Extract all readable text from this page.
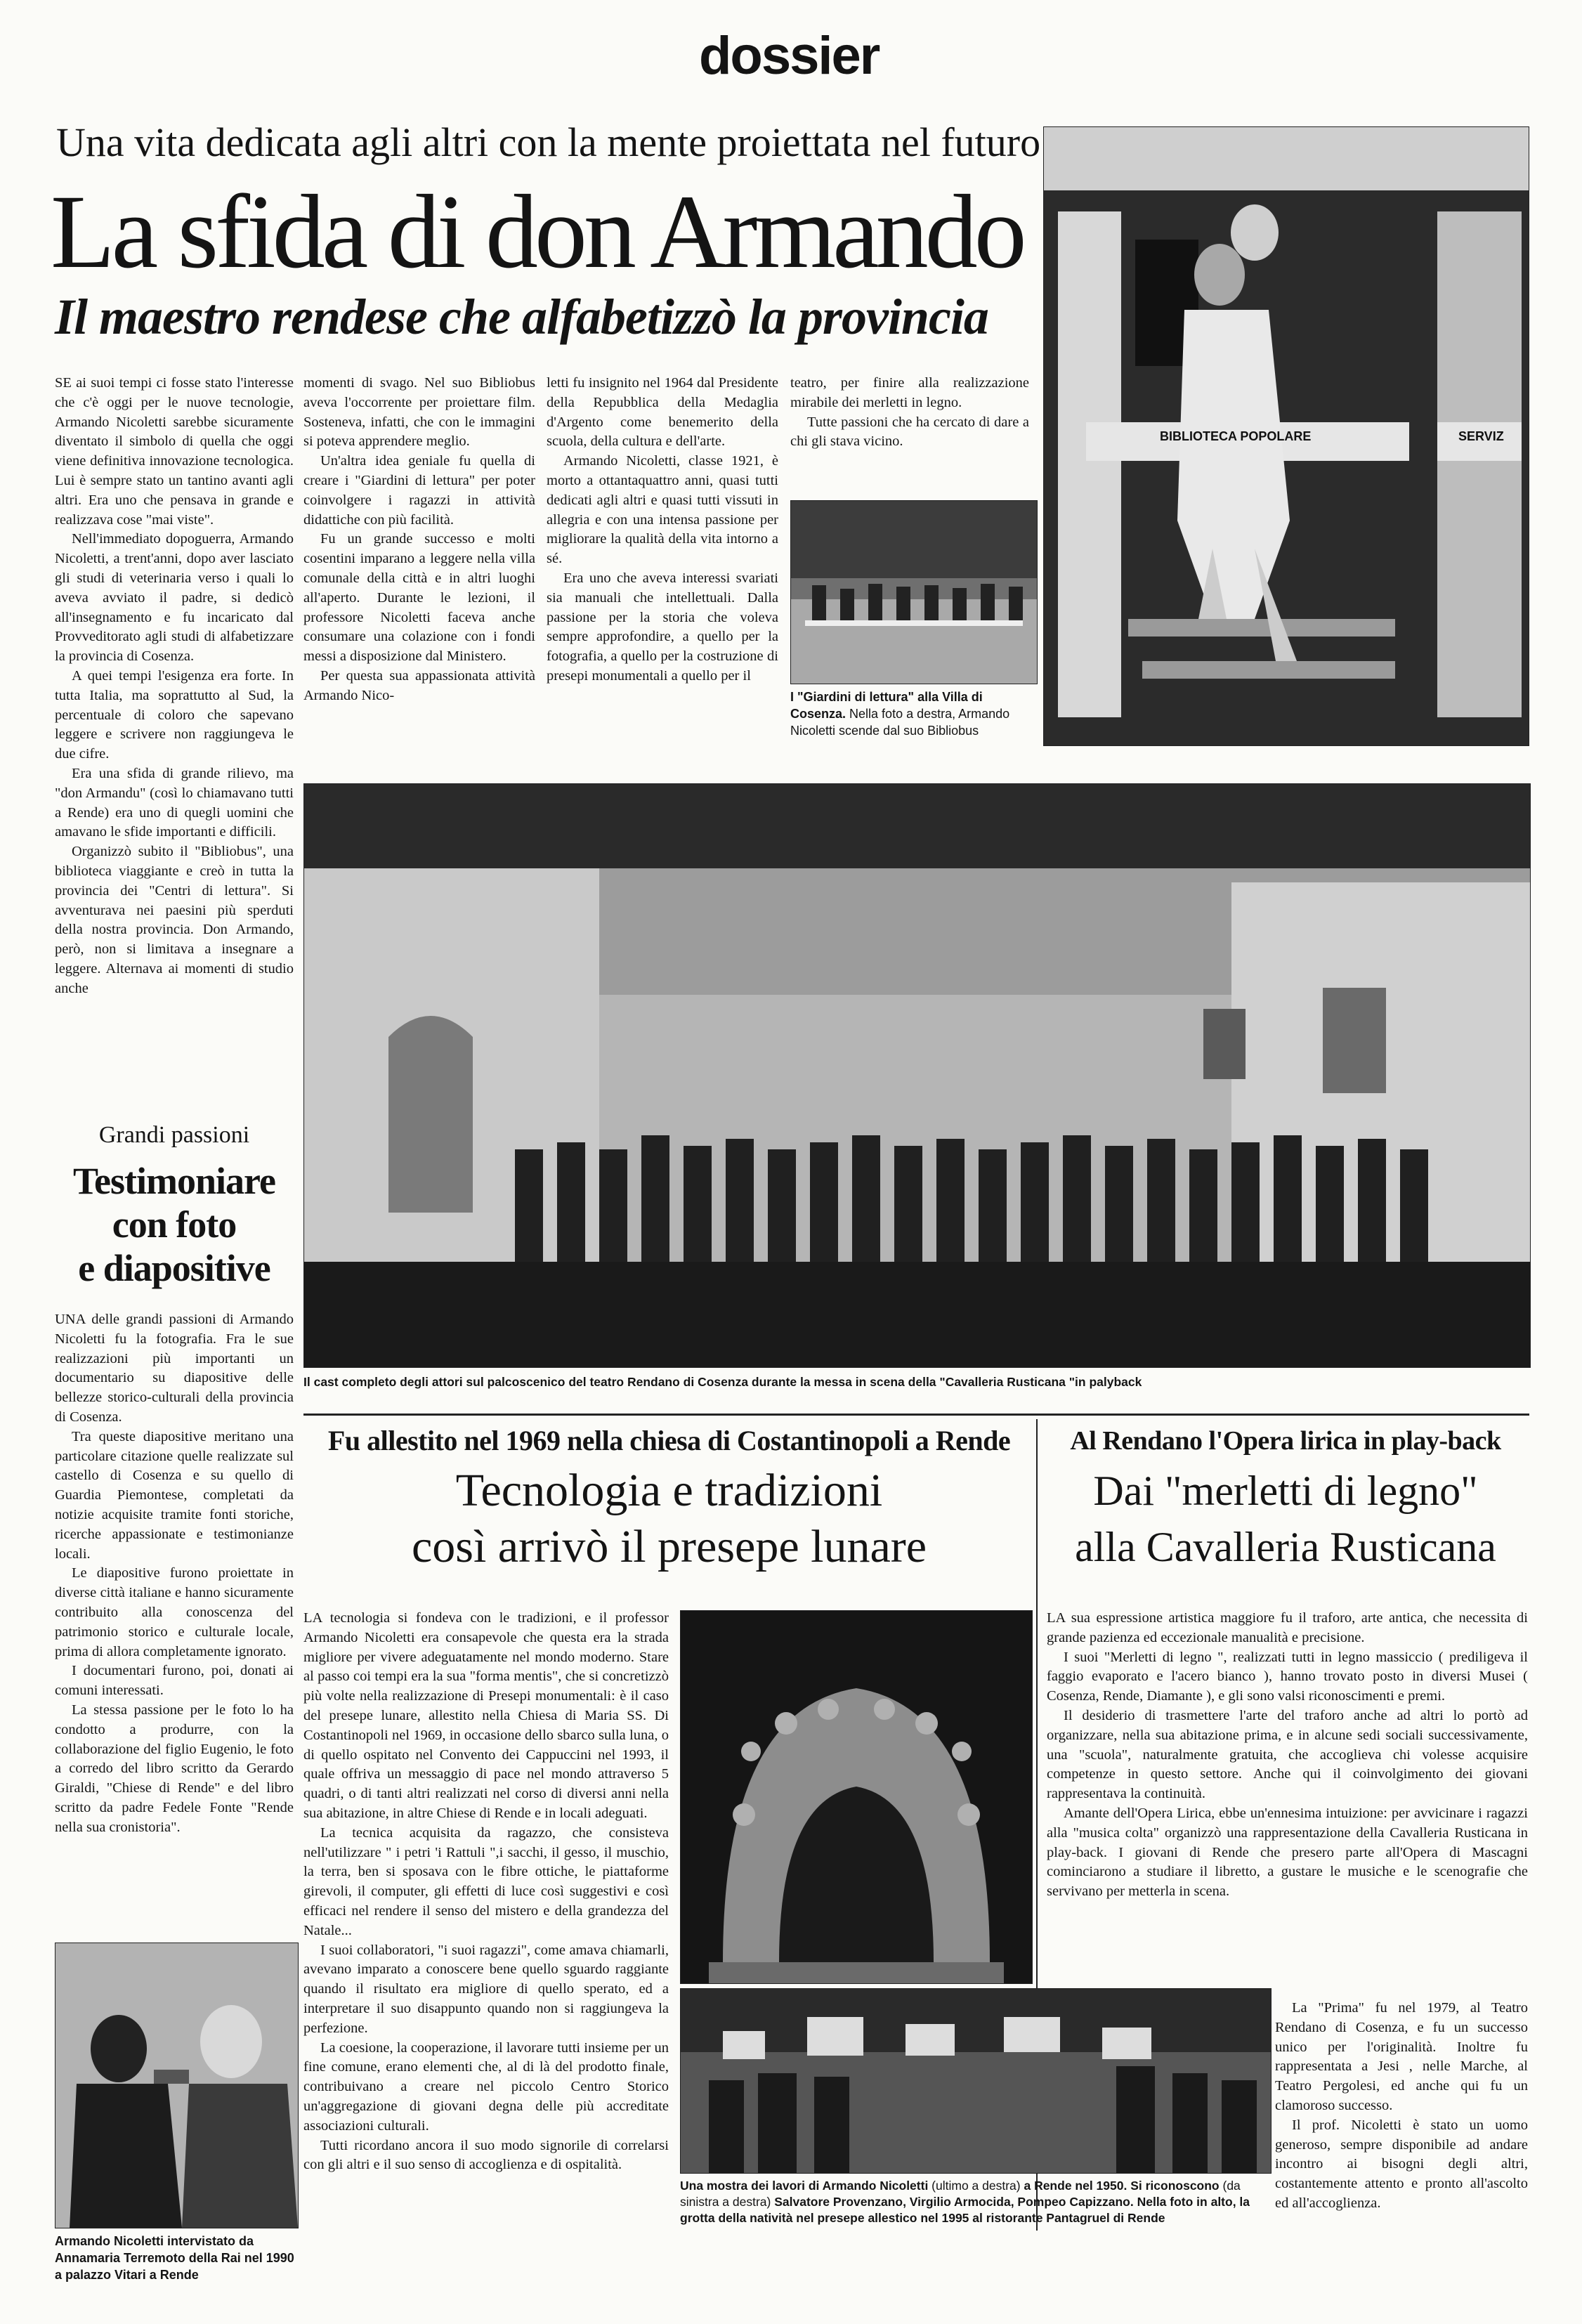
dossier
Una vita dedicata agli altri con la mente proiettata nel futuro
La sfida di don Armando
Il maestro rendese che alfabetizzò la provincia
BIBLIOTECA POPOLARE	SERVIZ

SE ai suoi tempi ci fosse stato l'interesse che c'è oggi per le nuove tecnologie, Armando Nicoletti sarebbe sicuramente diventato il simbolo di quella che oggi viene definitiva innovazione tecnologica. Lui è sempre stato un tantino avanti agli altri. Era uno che pensava in grande e realizzava cose "mai viste".

Nell'immediato dopoguerra, Armando Nicoletti, a trent'anni, dopo aver lasciato gli studi di veterinaria verso i quali lo aveva avviato il padre, si dedicò all'insegnamento e fu incaricato dal Provveditorato agli studi di alfabetizzare la provincia di Cosenza.

A quei tempi l'esigenza era forte. In tutta Italia, ma soprattutto al Sud, la percentuale di coloro che sapevano leggere e scrivere non raggiungeva le due cifre.

Era una sfida di grande rilievo, ma "don Armandu" (così lo chiamavano tutti a Rende) era uno di quegli uomini che amavano le sfide importanti e difficili.

Organizzò subito il "Bibliobus", una biblioteca viaggiante e creò in tutta la provincia dei "Centri di lettura". Si avventurava nei paesini più sperduti della nostra provincia. Don Armando, però, non si limitava a insegnare a leggere. Alternava ai momenti di studio anche

momenti di svago. Nel suo Bibliobus aveva l'occorrente per proiettare film. Sosteneva, infatti, che con le immagini si poteva apprendere meglio.

Un'altra idea geniale fu quella di creare i "Giardini di lettura" per poter coinvolgere i ragazzi in attività didattiche con più facilità.

Fu un grande successo e molti cosentini imparano a leggere nella villa comunale della città e in altri luoghi all'aperto. Durante le lezioni, il professore Nicoletti faceva anche consumare una colazione con i fondi messi a disposizione dal Ministero.

Per questa sua appassionata attività Armando Nico-

letti fu insignito nel 1964 dal Presidente della Repubblica della Medaglia d'Argento come benemerito della scuola, della cultura e dell'arte.

Armando Nicoletti, classe 1921, è morto a ottantaquattro anni, quasi tutti dedicati agli altri e quasi tutti vissuti in allegria e con una intensa passione per migliorare la qualità della vita intorno a sé.

Era uno che aveva interessi svariati sia manuali che intellettuali. Dalla passione per la storia che voleva sempre approfondire, a quello per la fotografia, a quello per la costruzione di presepi monumentali a quello per il

teatro, per finire alla realizzazione mirabile dei merletti in legno.

Tutte passioni che ha cercato di dare a chi gli stava vicino.

I "Giardini di lettura" alla Villa di Cosenza. Nella foto a destra, Armando Nicoletti scende dal suo Bibliobus
Il cast completo degli attori sul palcoscenico del teatro Rendano di Cosenza durante la messa in scena della "Cavalleria Rusticana "in palyback
Grandi passioni
Testimoniare
con foto
e diapositive

UNA delle grandi passioni di Armando Nicoletti fu la fotografia. Fra le sue realizzazioni più importanti un documentario su diapositive delle bellezze storico-culturali della provincia di Cosenza.

Tra queste diapositive meritano una particolare citazione quelle realizzate sul castello di Cosenza e su quello di Guardia Piemontese, completati da notizie acquisite tramite fonti storiche, ricerche appassionate e testimonianze locali.

Le diapositive furono proiettate in diverse città italiane e hanno sicuramente contribuito alla conoscenza del patrimonio storico e culturale locale, prima di allora completamente ignorato.

I documentari furono, poi, donati ai comuni interessati.

La stessa passione per le foto lo ha condotto a produrre, con la collaborazione del figlio Eugenio, le foto a corredo del libro scritto da Gerardo Giraldi, "Chiese di Rende" e del libro scritto da padre Fedele Fonte "Rende nella sua cronistoria".

Armando Nicoletti intervistato da Annamaria Terremoto della Rai nel 1990 a palazzo Vitari a Rende
Fu allestito nel 1969 nella chiesa di Costantinopoli a Rende
Tecnologia e tradizioni
così arrivò il presepe lunare

LA tecnologia si fondeva con le tradizioni, e il professor Armando Nicoletti era consapevole che questa era la strada migliore per vivere adeguatamente nel mondo moderno. Stare al passo coi tempi era la sua "forma mentis", che si concretizzò più volte nella realizzazione di Presepi monumentali: è il caso del presepe lunare, allestito nella Chiesa di Maria SS. Di Costantinopoli nel 1969, in occasione dello sbarco sulla luna, o di quello ospitato nel Convento dei Cappuccini nel 1993, il quale offriva un messaggio di pace nel mondo attraverso 5 quadri, o di tanti altri realizzati nel corso di diversi anni nella sua abitazione, in altre Chiese di Rende e in locali adeguati.

La tecnica acquisita da ragazzo, che consisteva nell'utilizzare " i petri 'i Rattuli ",i sacchi, il gesso, il muschio, la terra, ben si sposava con le fibre ottiche, le piattaforme girevoli, il computer, gli effetti di luce così suggestivi e così efficaci nel rendere il senso del mistero e della grandezza del Natale...

I suoi collaboratori, "i suoi ragazzi", come amava chiamarli, avevano imparato a conoscere bene quello sguardo raggiante quando il risultato era migliore di quello sperato, ed a interpretare il suo disappunto quando non si raggiungeva la perfezione.

La coesione, la cooperazione, il lavorare tutti insieme per un fine comune, erano elementi che, al di là del prodotto finale, contribuivano a creare nel piccolo Centro Storico un'aggregazione di giovani degna delle più accreditate associazioni culturali.

Tutti ricordano ancora il suo modo signorile di correlarsi con gli altri e il suo senso di accoglienza e di ospitalità.

Una mostra dei lavori di Armando Nicoletti (ultimo a destra) a Rende nel 1950. Si riconoscono (da sinistra a destra) Salvatore Provenzano, Virgilio Armocida, Pompeo Capizzano. Nella foto in alto, la grotta della natività nel presepe allestico nel 1995 al ristorante Pantagruel di Rende
Al Rendano l'Opera lirica in play-back
Dai "merletti di legno"
alla Cavalleria Rusticana

LA sua espressione artistica maggiore fu il traforo, arte antica, che necessita di grande pazienza ed eccezionale manualità e precisione.

I suoi "Merletti di legno ", realizzati tutti in legno massiccio ( prediligeva il faggio evaporato e l'acero bianco ), hanno trovato posto in diversi Musei ( Cosenza, Rende, Diamante ), e gli sono valsi riconoscimenti e premi.

Il desiderio di trasmettere l'arte del traforo anche ad altri lo portò ad organizzare, nella sua abitazione prima, e in alcune sedi sociali successivamente, una "scuola", naturalmente gratuita, che accoglieva chi volesse acquisire competenze in questo settore. Anche qui il coinvolgimento dei giovani rappresentava la continuità.

Amante dell'Opera Lirica, ebbe un'ennesima intuizione: per avvicinare i ragazzi alla "musica colta" organizzò una rappresentazione della Cavalleria Rusticana in play-back. I giovani di Rende che presero parte all'Opera di Mascagni cominciarono a studiare il libretto, a gustare le musiche e le scenografie che servivano per metterla in scena.

La "Prima" fu nel 1979, al Teatro Rendano di Cosenza, e fu un successo unico per l'originalità. Inoltre fu rappresentata a Jesi , nelle Marche, al Teatro Pergolesi, ed anche qui fu un clamoroso successo.

Il prof. Nicoletti è stato un uomo generoso, sempre disponibile ad andare incontro ai bisogni degli altri, costantemente attento e pronto all'ascolto ed all'accoglienza.
